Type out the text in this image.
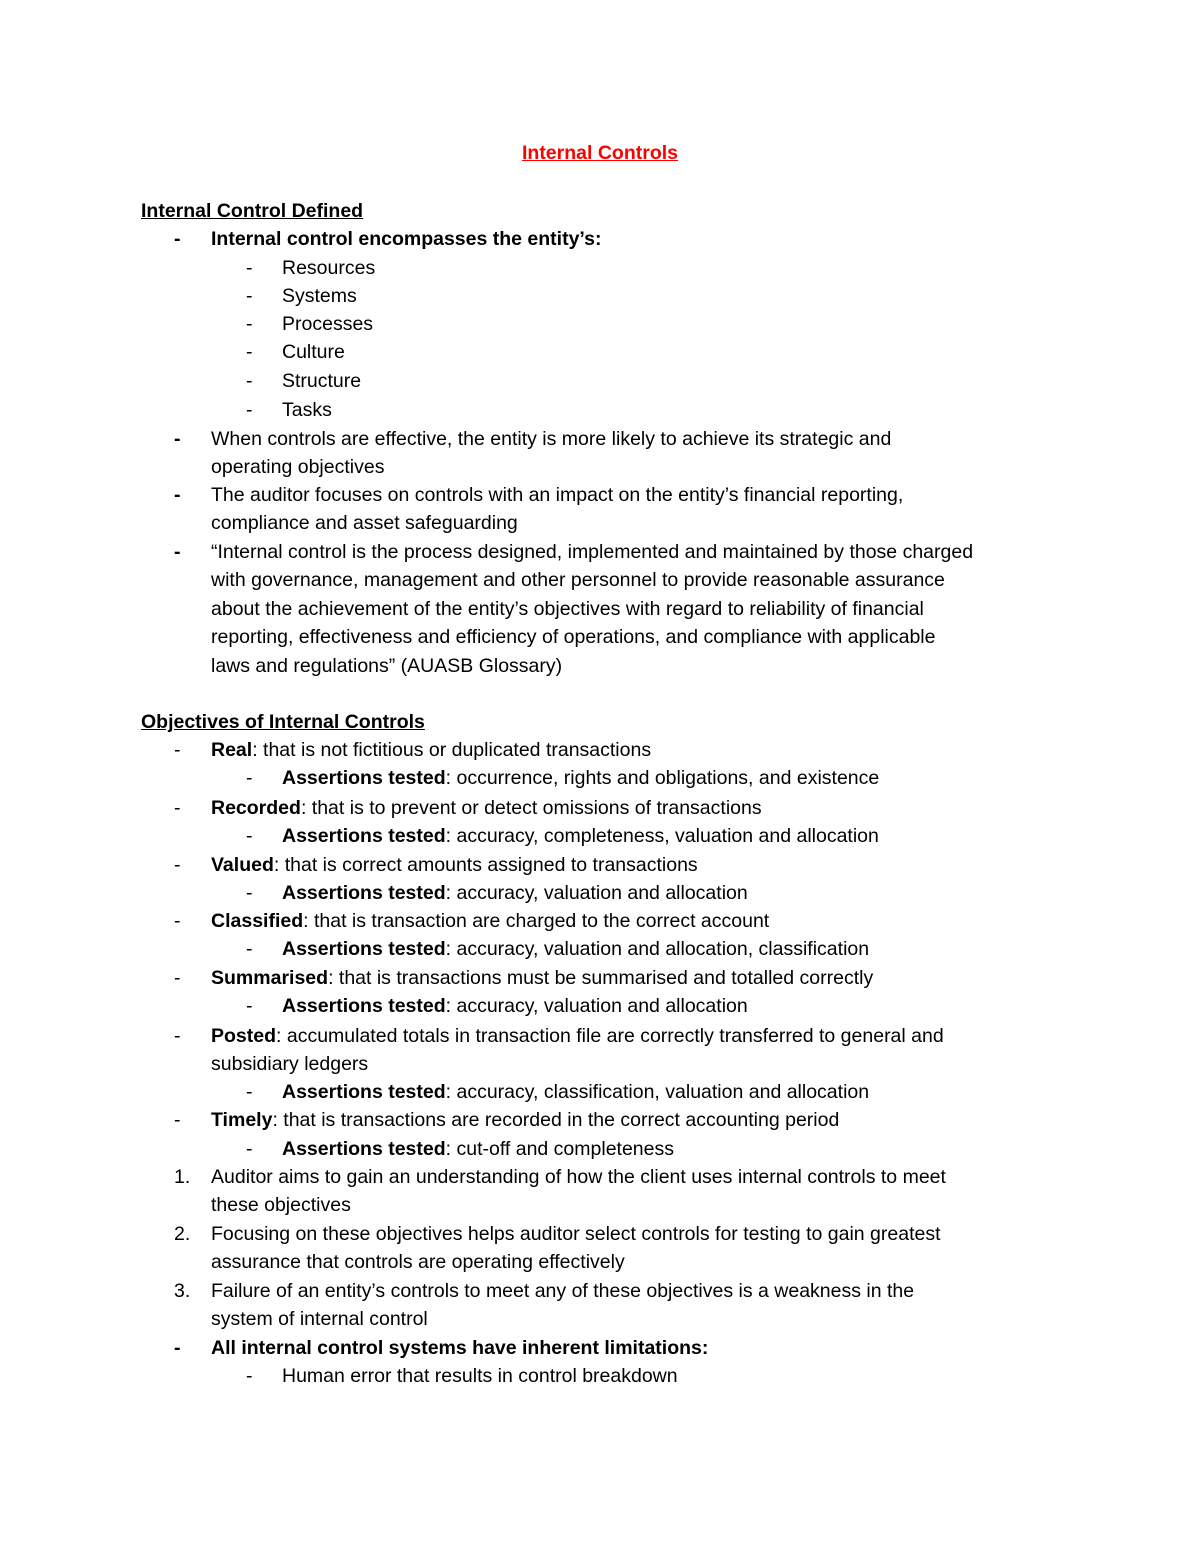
Internal Controls
Internal Control Defined
-	Internal control encompasses the entity’s:
-	Resources
-	Systems
-	Processes
-	Culture
-	Structure
-	Tasks
-	When controls are effective, the entity is more likely to achieve its strategic and
operating objectives
-	The auditor focuses on controls with an impact on the entity’s financial reporting,
compliance and asset safeguarding
-	“Internal control is the process designed, implemented and maintained by those charged
with governance, management and other personnel to provide reasonable assurance
about the achievement of the entity’s objectives with regard to reliability of financial
reporting, effectiveness and efficiency of operations, and compliance with applicable
laws and regulations” (AUASB Glossary)
Objectives of Internal Controls
-	Real: that is not fictitious or duplicated transactions
-	Assertions tested: occurrence, rights and obligations, and existence
-	Recorded: that is to prevent or detect omissions of transactions
-	Assertions tested: accuracy, completeness, valuation and allocation
-	Valued: that is correct amounts assigned to transactions
-	Assertions tested: accuracy, valuation and allocation
-	Classified: that is transaction are charged to the correct account
-	Assertions tested: accuracy, valuation and allocation, classification
-	Summarised: that is transactions must be summarised and totalled correctly
-	Assertions tested: accuracy, valuation and allocation
-	Posted: accumulated totals in transaction file are correctly transferred to general and
subsidiary ledgers
-	Assertions tested: accuracy, classification, valuation and allocation
-	Timely: that is transactions are recorded in the correct accounting period
-	Assertions tested: cut-off and completeness
1.	Auditor aims to gain an understanding of how the client uses internal controls to meet
these objectives
2.	Focusing on these objectives helps auditor select controls for testing to gain greatest
assurance that controls are operating effectively
3.	Failure of an entity’s controls to meet any of these objectives is a weakness in the
system of internal control
-	All internal control systems have inherent limitations:
-	Human error that results in control breakdown
